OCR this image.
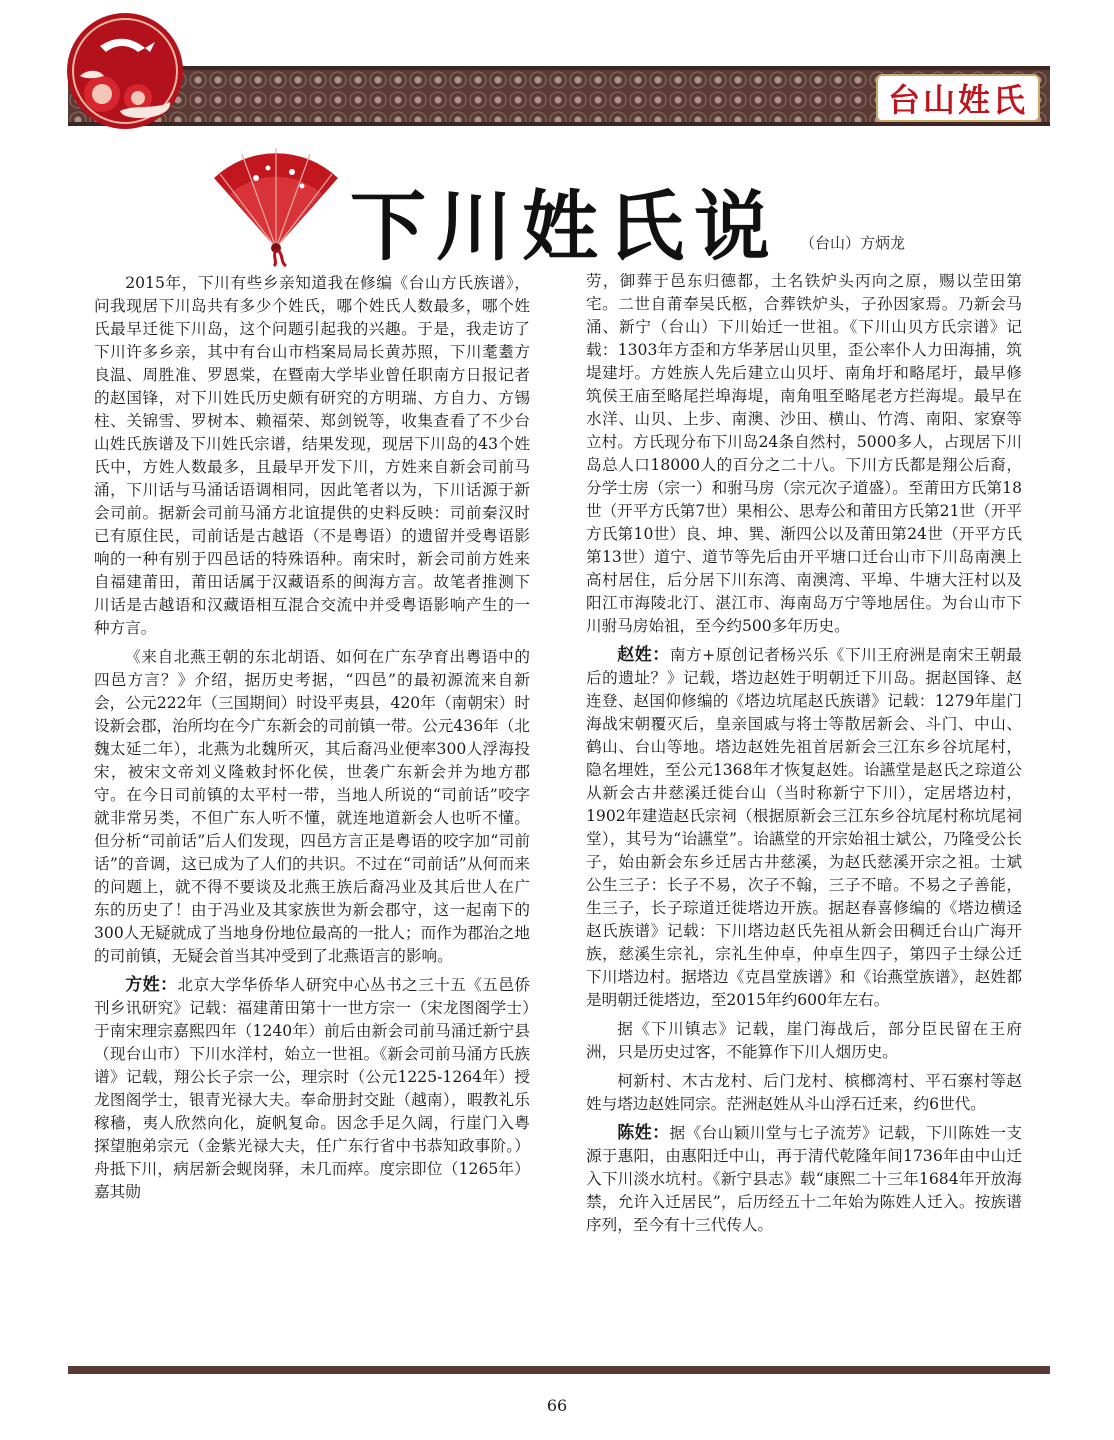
台山姓氏
下川姓氏说 （台山）方炳龙

2015年，下川有些乡亲知道我在修编《台山方氏族谱》，问我现居下川岛共有多少个姓氏，哪个姓氏人数最多，哪个姓氏最早迁徙下川岛，这个问题引起我的兴趣。于是，我走访了下川许多乡亲，其中有台山市档案局局长黄苏照，下川耄耋方良温、周胜准、罗恩棠，在暨南大学毕业曾任职南方日报记者的赵国锋，对下川姓氏历史颇有研究的方明瑞、方自力、方锡柱、关锦雪、罗树本、赖福荣、郑剑锐等，收集查看了不少台山姓氏族谱及下川姓氏宗谱，结果发现，现居下川岛的43个姓氏中，方姓人数最多，且最早开发下川，方姓来自新会司前马涌，下川话与马涌话语调相同，因此笔者以为，下川话源于新会司前。据新会司前马涌方北谊提供的史料反映：司前秦汉时已有原住民，司前话是古越语（不是粤语）的遗留并受粤语影响的一种有别于四邑话的特殊语种。南宋时，新会司前方姓来自福建莆田，莆田话属于汉藏语系的闽海方言。故笔者推测下川话是古越语和汉藏语相互混合交流中并受粤语影响产生的一种方言。

《来自北燕王朝的东北胡语、如何在广东孕育出粤语中的四邑方言？》介绍，据历史考据，“四邑”的最初源流来自新会，公元222年（三国期间）时设平夷县，420年（南朝宋）时设新会郡，治所均在今广东新会的司前镇一带。公元436年（北魏太延二年），北燕为北魏所灭，其后裔冯业便率300人浮海投宋，被宋文帝刘义隆敕封怀化侯，世袭广东新会并为地方郡守。在今日司前镇的太平村一带，当地人所说的“司前话”咬字就非常另类，不但广东人听不懂，就连地道新会人也听不懂。但分析“司前话”后人们发现，四邑方言正是粤语的咬字加“司前话”的音调，这已成为了人们的共识。不过在“司前话”从何而来的问题上，就不得不要谈及北燕王族后裔冯业及其后世人在广东的历史了！由于冯业及其家族世为新会郡守，这一起南下的300人无疑就成了当地身份地位最高的一批人；而作为郡治之地的司前镇，无疑会首当其冲受到了北燕语言的影响。

方姓：北京大学华侨华人研究中心丛书之三十五《五邑侨刊乡讯研究》记载：福建莆田第十一世方宗一（宋龙图阁学士）于南宋理宗嘉熙四年（1240年）前后由新会司前马涌迁新宁县（现台山市）下川水洋村，始立一世祖。《新会司前马涌方氏族谱》记载，翔公长子宗一公，理宗时（公元1225-1264年）授龙图阁学士，银青光禄大夫。奉命册封交趾（越南），暇教礼乐稼穑，夷人欣然向化，旋帆复命。因念手足久阔，行崖门入粤探望胞弟宗元（金紫光禄大夫，任广东行省中书恭知政事阶。）舟抵下川，病居新会蚬岗驿，未几而瘁。度宗即位（1265年）嘉其勋

劳，御葬于邑东归德都，土名铁炉头丙向之原，赐以茔田第宅。二世自莆奉吴氏柩，合葬铁炉头，子孙因家焉。乃新会马涌、新宁（台山）下川始迁一世祖。《下川山贝方氏宗谱》记载：1303年方歪和方华茅居山贝里，歪公率仆人力田海捕，筑堤建圩。方姓族人先后建立山贝圩、南角圩和略尾圩，最早修筑侯王庙至略尾拦埠海堤，南角咀至略尾老方拦海堤。最早在水洋、山贝、上步、南澳、沙田、横山、竹湾、南阳、家寮等立村。方氏现分布下川岛24条自然村，5000多人，占现居下川岛总人口18000人的百分之二十八。下川方氏都是翔公后裔，分学士房（宗一）和驸马房（宗元次子道盛）。至莆田方氏第18世（开平方氏第7世）果相公、思寿公和莆田方氏第21世（开平方氏第10世）良、坤、巽、渐四公以及莆田第24世（开平方氏第13世）道宁、道节等先后由开平塘口迁台山市下川岛南澳上高村居住，后分居下川东湾、南澳湾、平埠、牛塘大汪村以及阳江市海陵北汀、湛江市、海南岛万宁等地居住。为台山市下川驸马房始祖，至今约500多年历史。

赵姓：南方+原创记者杨兴乐《下川王府洲是南宋王朝最后的遗址？》记载，塔边赵姓于明朝迁下川岛。据赵国锋、赵连登、赵国仰修编的《塔边坑尾赵氏族谱》记载：1279年崖门海战宋朝覆灭后，皇亲国戚与将士等散居新会、斗门、中山、鹤山、台山等地。塔边赵姓先祖首居新会三江东乡谷坑尾村，隐名埋姓，至公元1368年才恢复赵姓。诒讌堂是赵氏之琮道公从新会古井慈溪迁徙台山（当时称新宁下川），定居塔边村，1902年建造赵氏宗祠（根据原新会三江东乡谷坑尾村称坑尾祠堂），其号为“诒讌堂”。诒讌堂的开宗始祖士斌公，乃隆受公长子，始由新会东乡迁居古井慈溪，为赵氏慈溪开宗之祖。士斌公生三子：长子不易，次子不翰，三子不暗。不易之子善能，生三子，长子琮道迁徙塔边开族。据赵春喜修编的《塔边横迳赵氏族谱》记载：下川塔边赵氏先祖从新会田稠迁台山广海开族，慈溪生宗礼，宗礼生仲卓，仲卓生四子，第四子士绿公迁下川塔边村。据塔边《克昌堂族谱》和《诒燕堂族谱》，赵姓都是明朝迁徙塔边，至2015年约600年左右。

据《下川镇志》记载，崖门海战后，部分臣民留在王府洲，只是历史过客，不能算作下川人烟历史。

柯新村、木古龙村、后门龙村、槟榔湾村、平石寨村等赵姓与塔边赵姓同宗。茫洲赵姓从斗山浮石迁来，约6世代。

陈姓：据《台山颖川堂与七子流芳》记载，下川陈姓一支源于惠阳，由惠阳迁中山，再于清代乾隆年间1736年由中山迁入下川淡水坑村。《新宁县志》载“康熙二十三年1684年开放海禁，允许入迁居民”，后历经五十二年始为陈姓人迁入。按族谱序列，至今有十三代传人。

66
